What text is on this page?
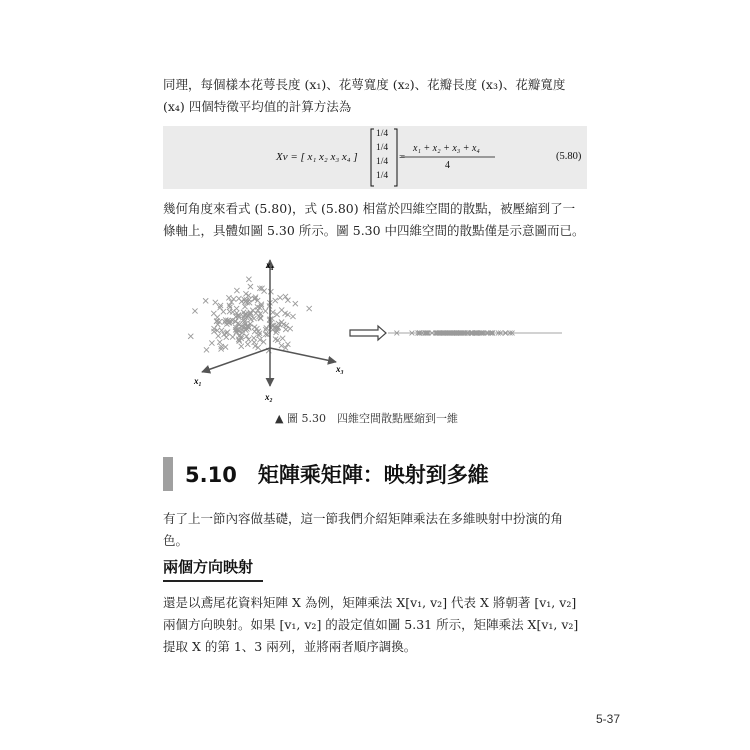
同理，每個樣本花萼長度 (x₁)、花萼寬度 (x₂)、花瓣長度 (x₃)、花瓣寬度 (x₄) 四個特徵平均值的計算方法為

Xv = [ x₁ x₂ x₃ x₄ ]
1/4
1/4
1/4
1/4
=
x₁ + x₂ + x₃ + x₄
4
(5.80)

幾何角度來看式 (5.80)，式 (5.80) 相當於四維空間的散點，被壓縮到了一條軸上，具體如圖 5.30 所示。圖 5.30 中四維空間的散點僅是示意圖而已。

x₄
x₃
x₁
x₂
▲ 圖 5.30　四維空間散點壓縮到一維
5.10　矩陣乘矩陣：映射到多維

有了上一節內容做基礎，這一節我們介紹矩陣乘法在多維映射中扮演的角色。

兩個方向映射

還是以鳶尾花資料矩陣 X 為例，矩陣乘法 X[v₁, v₂] 代表 X 將朝著 [v₁, v₂] 兩個方向映射。如果 [v₁, v₂] 的設定值如圖 5.31 所示，矩陣乘法 X[v₁, v₂] 提取 X 的第 1、3 兩列，並將兩者順序調換。

5-37
